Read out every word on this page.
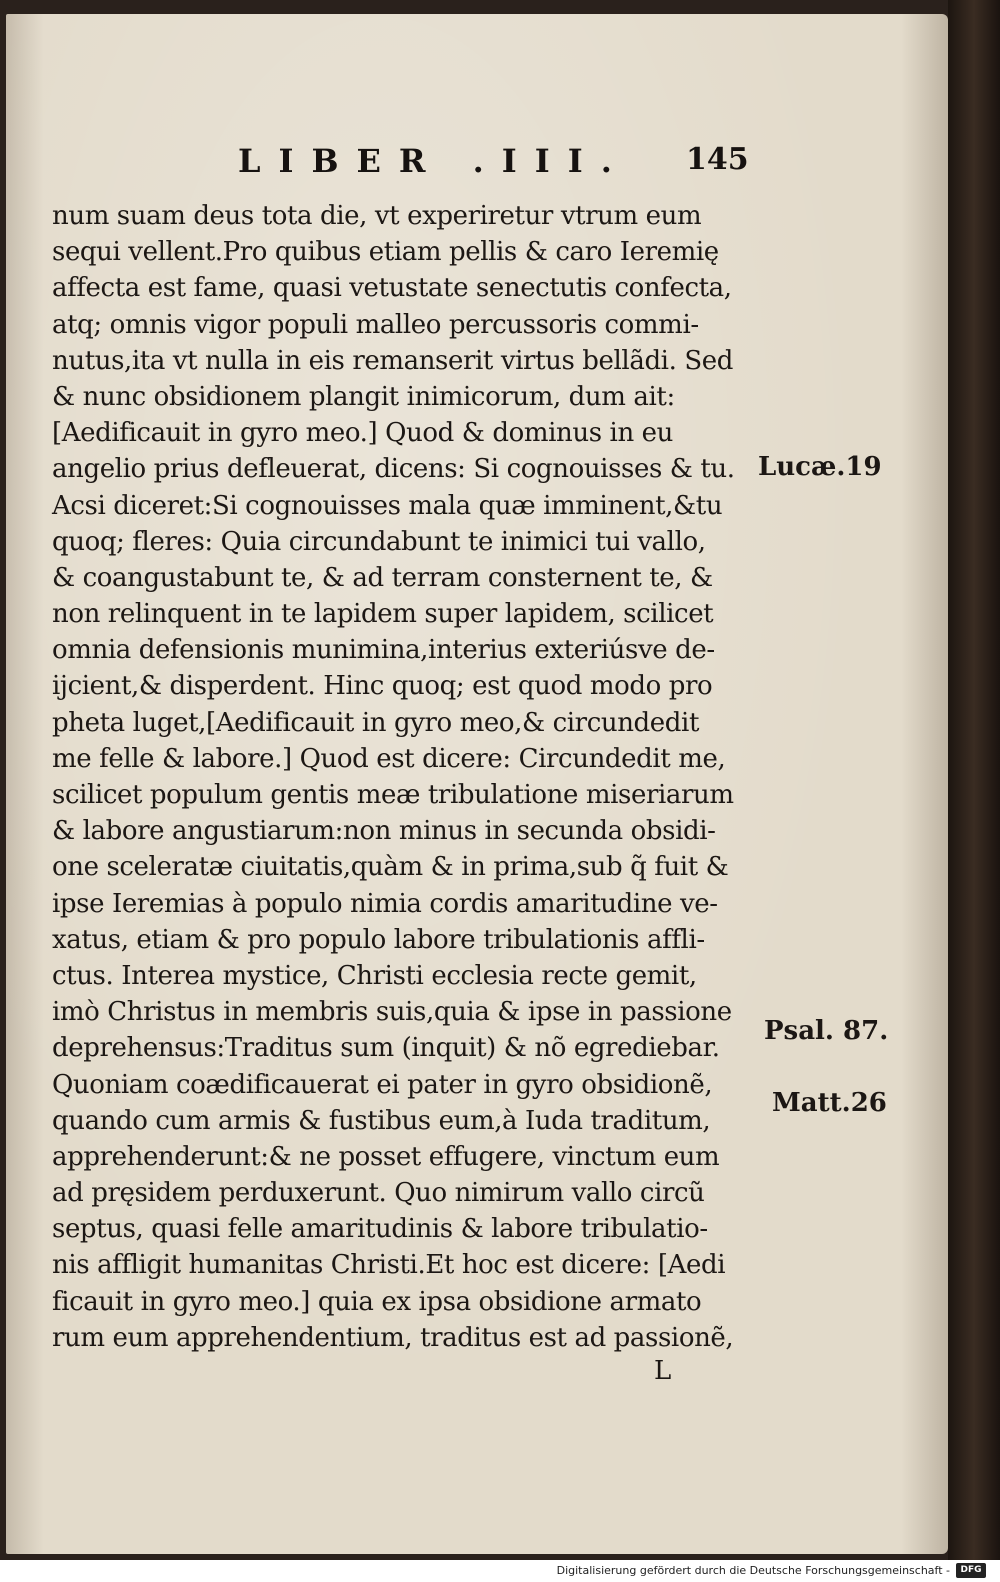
LIBER .III. 145
num suam deus tota die, vt experiretur vtrum eum
sequi vellent.Pro quibus etiam pellis & caro Ieremię
affecta est fame, quasi vetustate senectutis confecta,
atq; omnis vigor populi malleo percussoris commi-
nutus,ita vt nulla in eis remanserit virtus bellãdi. Sed
& nunc obsidionem plangit inimicorum, dum ait:
[Aedificauit in gyro meo.] Quod & dominus in eu
angelio prius defleuerat, dicens: Si cognouisses & tu.
Acsi diceret:Si cognouisses mala quæ imminent,&tu
quoq; fleres: Quia circundabunt te inimici tui vallo,
& coangustabunt te, & ad terram consternent te, &
non relinquent in te lapidem super lapidem, scilicet
omnia defensionis munimina,interius exteriúsve de-
ijcient,& disperdent. Hinc quoq; est quod modo pro
pheta luget,[Aedificauit in gyro meo,& circundedit
me felle & labore.] Quod est dicere: Circundedit me,
scilicet populum gentis meæ tribulatione miseriarum
& labore angustiarum:non minus in secunda obsidi-
one sceleratæ ciuitatis,quàm & in prima,sub q̃ fuit &
ipse Ieremias à populo nimia cordis amaritudine ve-
xatus, etiam & pro populo labore tribulationis affli-
ctus. Interea mystice, Christi ecclesia recte gemit,
imò Christus in membris suis,quia & ipse in passione
deprehensus:Traditus sum (inquit) & nõ egrediebar.
Quoniam coædificauerat ei pater in gyro obsidionẽ,
quando cum armis & fustibus eum,à Iuda traditum,
apprehenderunt:& ne posset effugere, vinctum eum
ad pręsidem perduxerunt. Quo nimirum vallo circũ
septus, quasi felle amaritudinis & labore tribulatio-
nis affligit humanitas Christi.Et hoc est dicere: [Aedi
ficauit in gyro meo.] quia ex ipsa obsidione armato
rum eum apprehendentium, traditus est ad passionẽ,
L
Lucæ.19
Psal. 87.
Matt.26
Digitalisierung gefördert durch die Deutsche Forschungsgemeinschaft -	DFG
